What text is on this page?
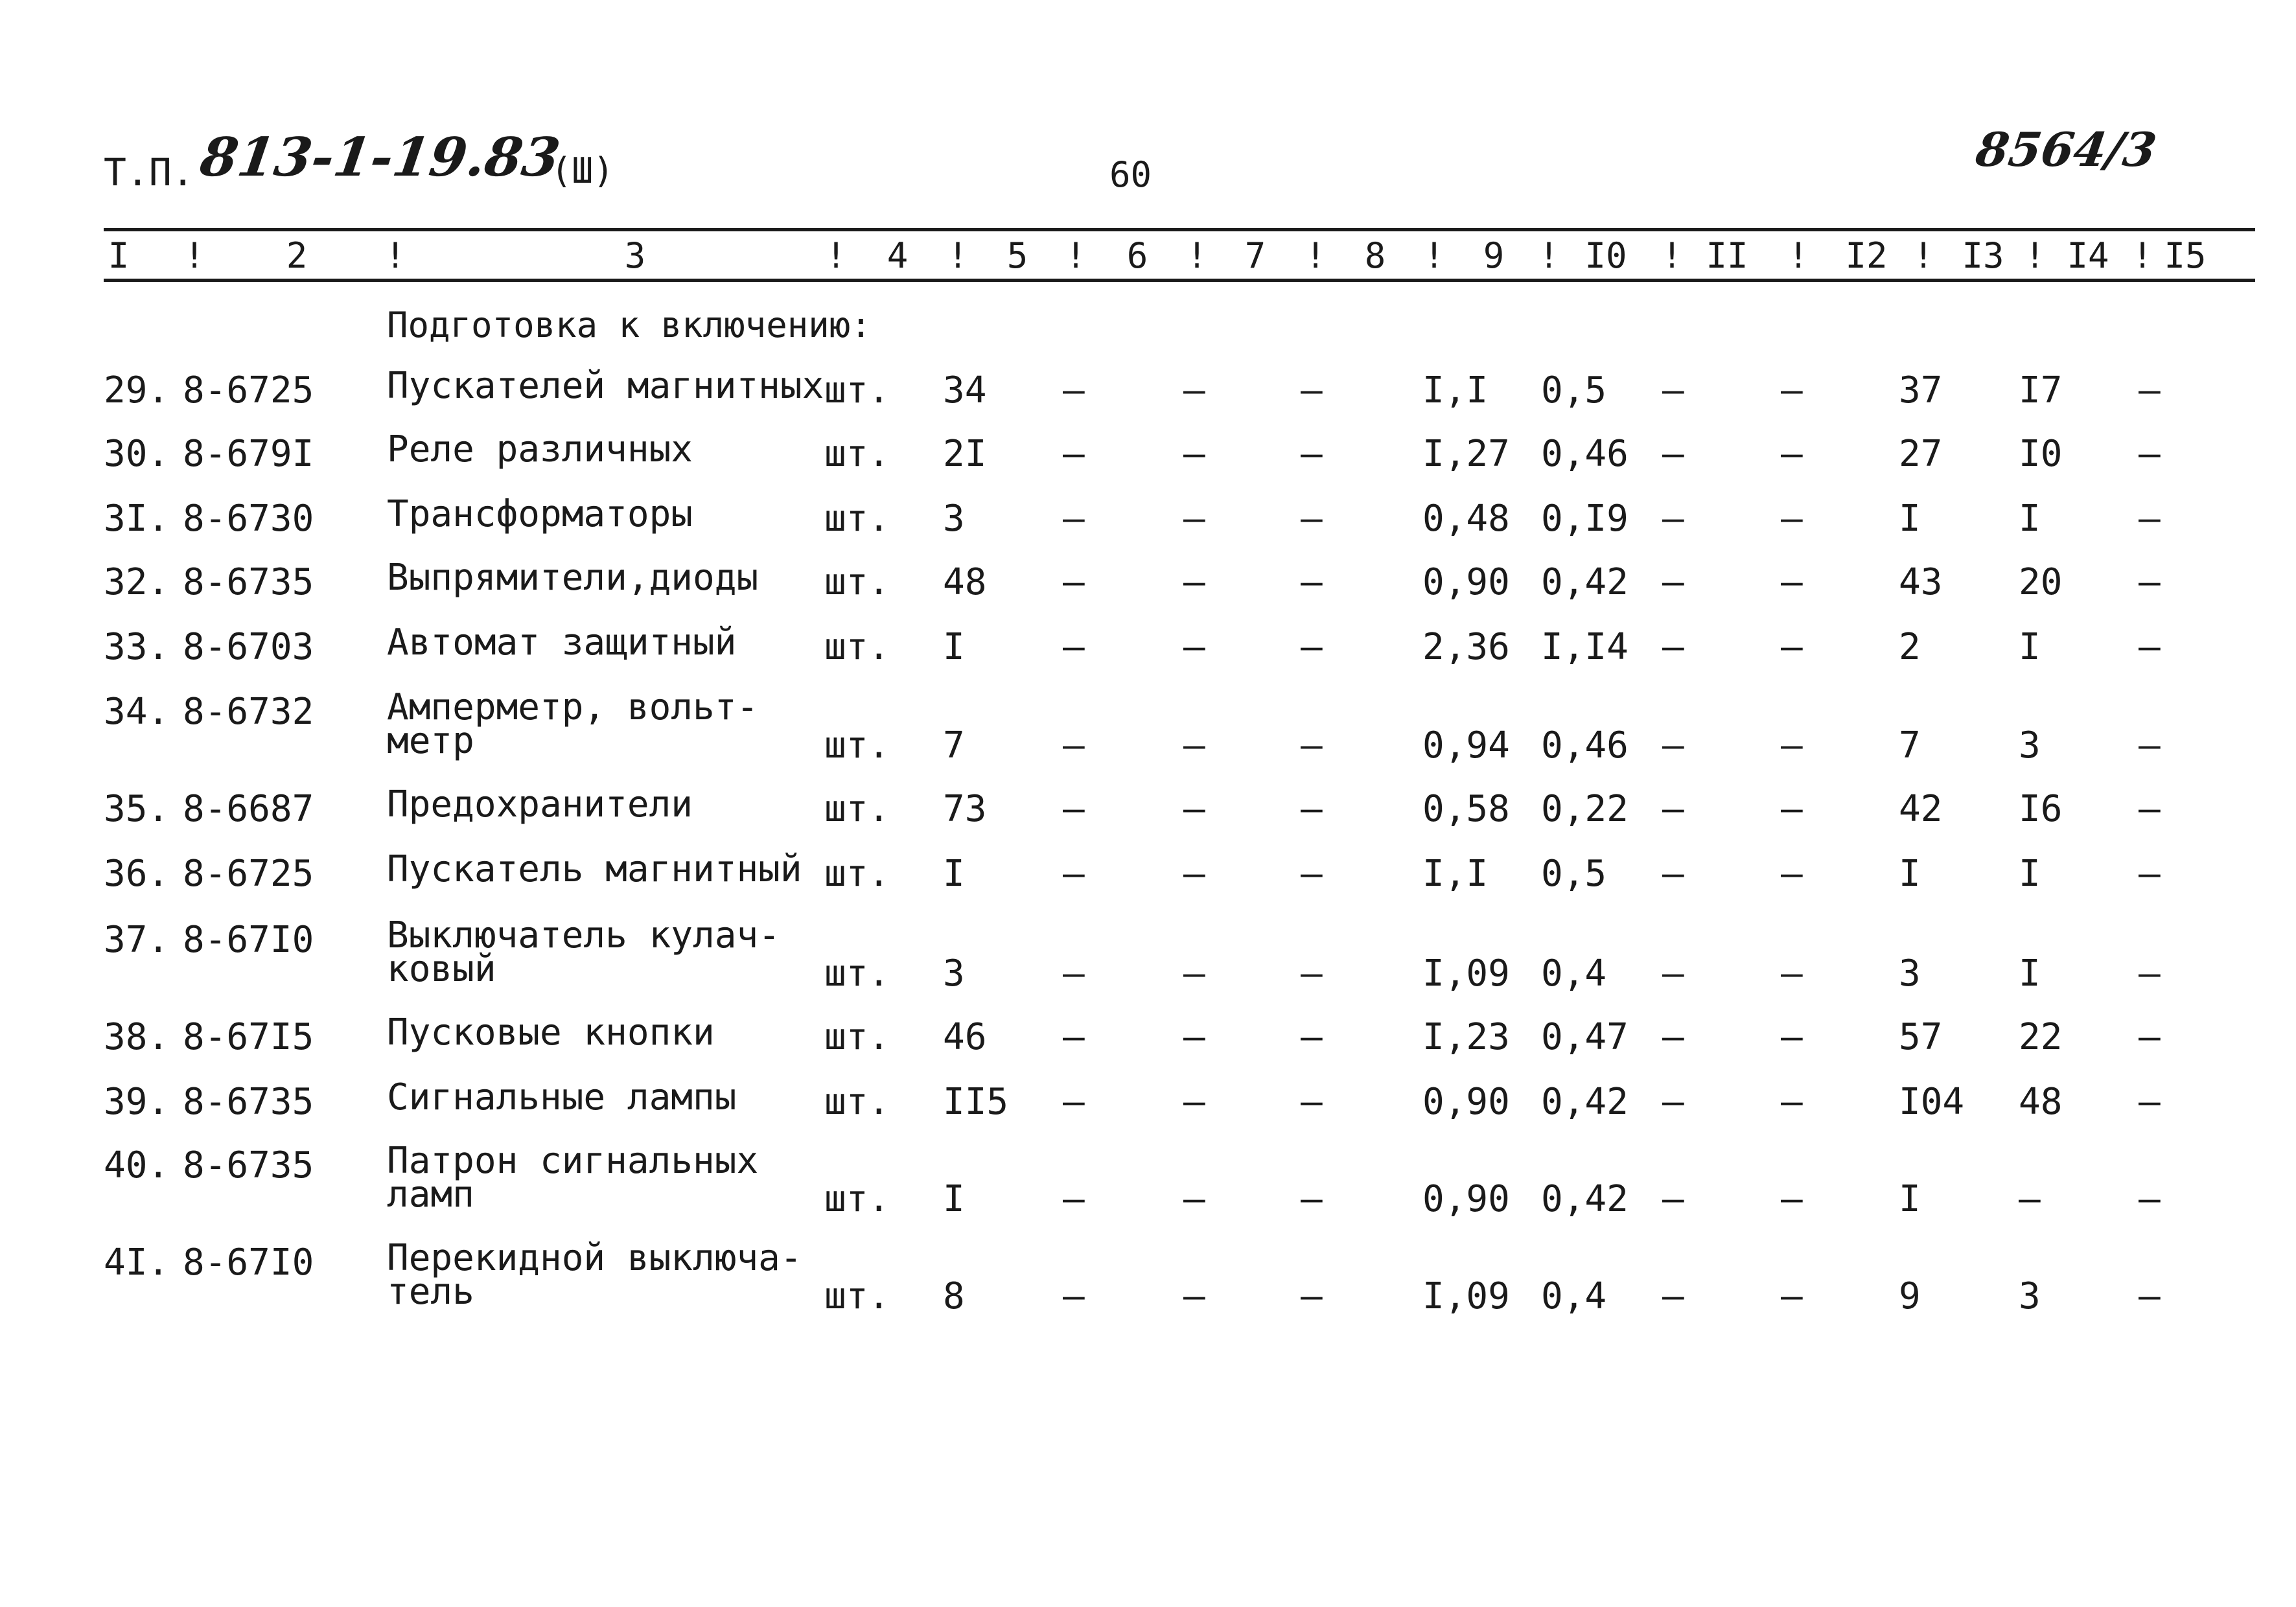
Т.П. 813-1-19.83
(Ш)	60	8564/3
I	2	3	4	5	6	7	8	9 I0 II	I2 I3 I4 I5
!	!	!	!	!	!	!	!	!	!	!	!	! !
Подготовка к включению:
29. 8-6725 Пускателей магнитных шт. 34 –	–	–	I,I 0,5 –	–	37 I7 –
30. 8-679I Реле различных	шт. 2I –	–	–	I,27 0,46 –	–	27 I0 –
3I. 8-6730 Трансформаторы	шт. 3	–	–	–	0,48 0,I9 –	–	I	I	–
32. 8-6735 Выпрямители,диоды шт. 48 –	–	–	0,90 0,42 –	–	43 20 –
33. 8-6703 Автомат защитный шт. I	–	–	–	2,36 I,I4 –	–	2	I	–
34. 8-6732 Амперметр, вольт-
метр	шт. 7	–	–	–	0,94 0,46 –	–	7	3	–
35. 8-6687 Предохранители	шт. 73 –	–	–	0,58 0,22 –	–	42 I6 –
36. 8-6725 Пускатель магнитный шт. I	–	–	–	I,I 0,5 –	–	I	I	–
37. 8-67I0 Выключатель кулач-
ковый	шт. 3	–	–	–	I,09 0,4 –	–	3	I	–
38. 8-67I5 Пусковые кнопки	шт. 46 –	–	–	I,23 0,47 –	–	57 22 –
39. 8-6735 Сигнальные лампы шт. II5 –	–	–	0,90 0,42 –	–	I04 48 –
40. 8-6735 Патрон сигнальных
ламп	шт. I	–	–	–	0,90 0,42 –	–	I	–	–
4I. 8-67I0 Перекидной выключа-
тель	шт. 8	–	–	–	I,09 0,4 –	–	9	3	–
